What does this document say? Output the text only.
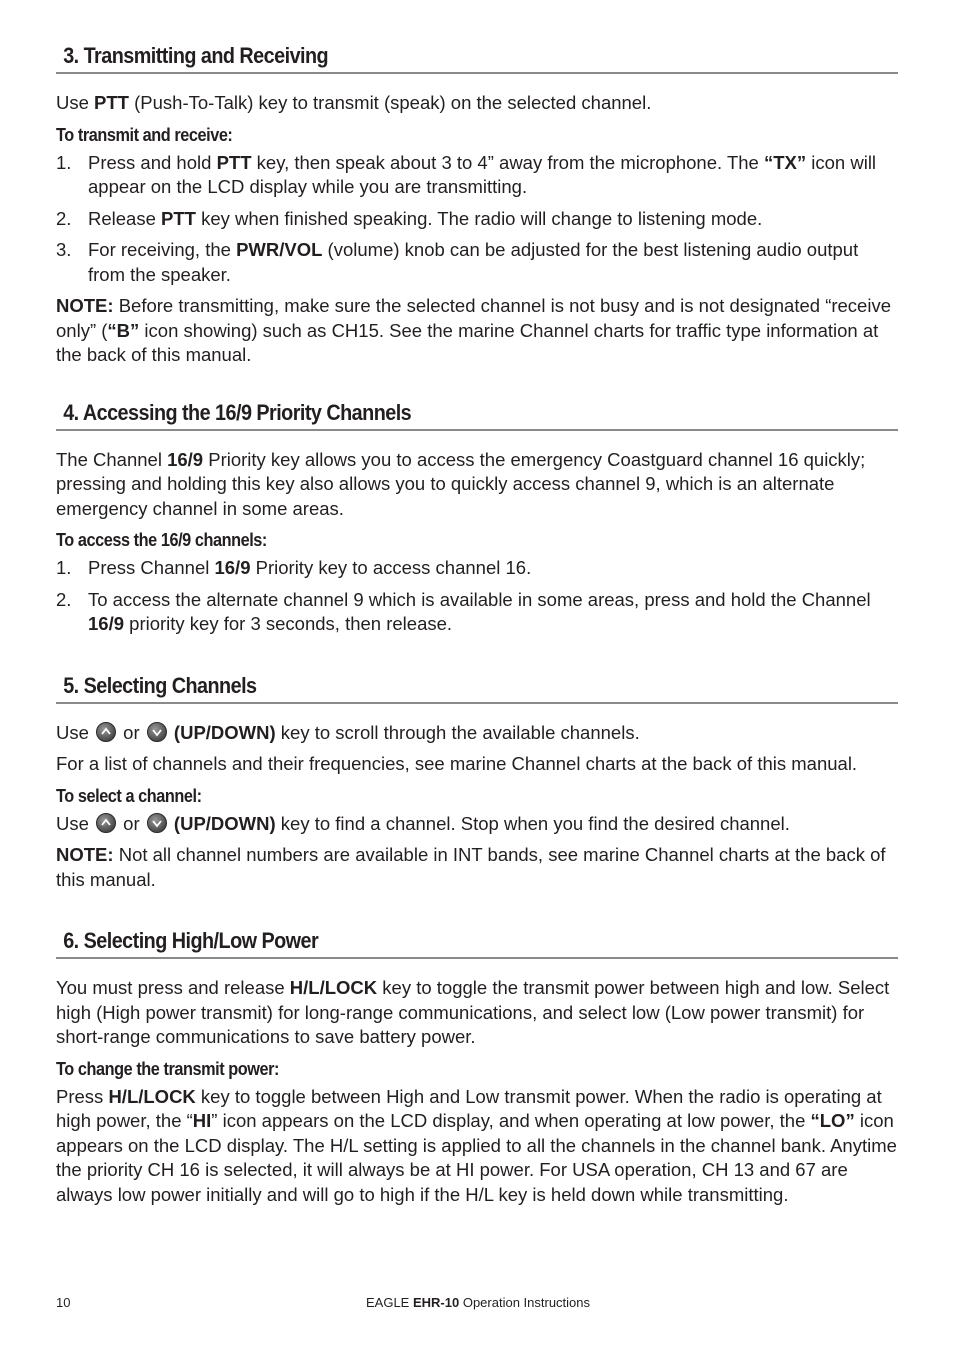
3. Transmitting and Receiving

Use PTT (Push-To-Talk) key to transmit (speak) on the selected channel.

To transmit and receive:
1. Press and hold PTT key, then speak about 3 to 4” away from the microphone. The “TX” icon will appear on the LCD display while you are transmitting.
2. Release PTT key when finished speaking. The radio will change to listening mode.
3. For receiving, the PWR/VOL (volume) knob can be adjusted for the best listening audio output from the speaker.

NOTE: Before transmitting, make sure the selected channel is not busy and is not designated “receive only” (“B” icon showing) such as CH15. See the marine Channel charts for traffic type information at the back of this manual.

4. Accessing the 16/9 Priority Channels

The Channel 16/9 Priority key allows you to access the emergency Coastguard channel 16 quickly; pressing and holding this key also allows you to quickly access channel 9, which is an alternate emergency channel in some areas.

To access the 16/9 channels:
1. Press Channel 16/9 Priority key to access channel 16.
2. To access the alternate channel 9 which is available in some areas, press and hold the Channel 16/9 priority key for 3 seconds, then release.
5. Selecting Channels

Use
or
(UP/DOWN) key to scroll through the available channels.

For a list of channels and their frequencies, see marine Channel charts at the back of this manual.

To select a channel:

Use
or
(UP/DOWN) key to find a channel. Stop when you find the desired channel.

NOTE: Not all channel numbers are available in INT bands, see marine Channel charts at the back of this manual.

6. Selecting High/Low Power

You must press and release H/L/LOCK key to toggle the transmit power between high and low. Select high (High power transmit) for long-range communications, and select low (Low power transmit) for short-range communications to save battery power.

To change the transmit power:

Press H/L/LOCK key to toggle between High and Low transmit power. When the radio is operating at high power, the “HI” icon appears on the LCD display, and when operating at low power, the “LO” icon appears on the LCD display. The H/L setting is applied to all the channels in the channel bank. Anytime the priority CH 16 is selected, it will always be at HI power. For USA operation, CH 13 and 67 are always low power initially and will go to high if the H/L key is held down while transmitting.

10	EAGLE EHR-10 Operation Instructions
